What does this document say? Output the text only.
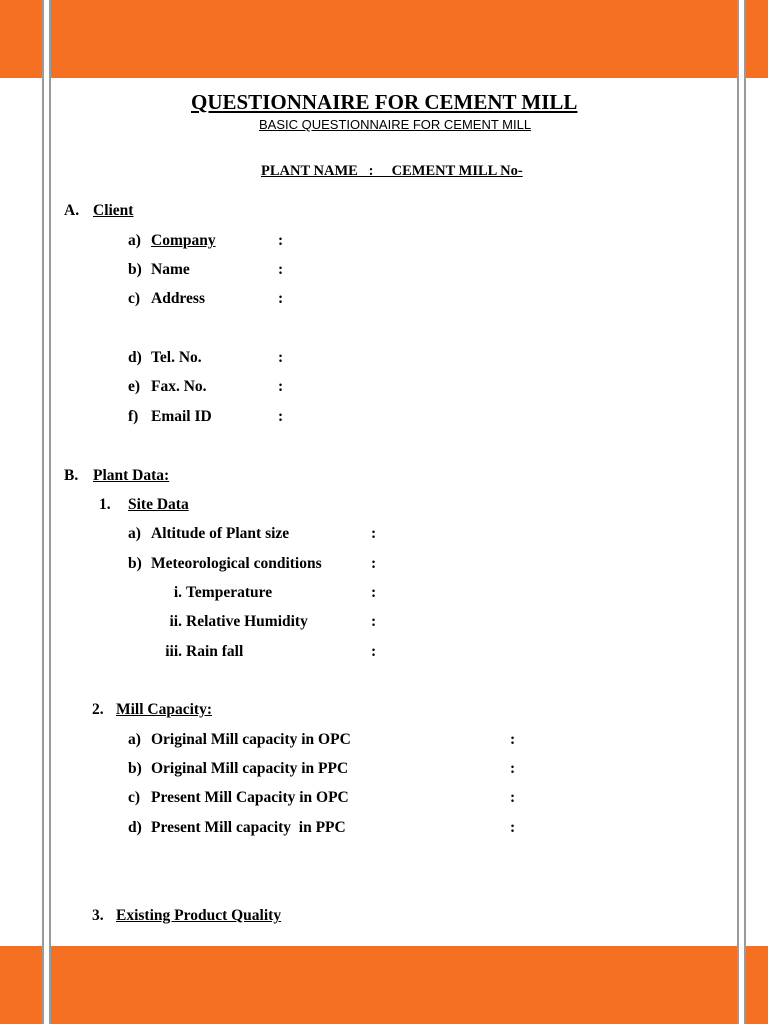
QUESTIONNAIRE FOR CEMENT MILL
BASIC QUESTIONNAIRE FOR CEMENT MILL
PLANT NAME   :     CEMENT MILL No-
A. Client
a) Company	:
b) Name	:
c) Address	:
d) Tel. No.	:
e) Fax. No.	:
f) Email ID	:
B. Plant Data:
1. Site Data
a) Altitude of Plant size	:
b) Meteorological conditions	:
i. Temperature	:
ii. Relative Humidity	:
iii. Rain fall	:
2. Mill Capacity:
a) Original Mill capacity in OPC	:
b) Original Mill capacity in PPC	:
c) Present Mill Capacity in OPC	:
d) Present Mill capacity  in PPC	:
3. Existing Product Quality
